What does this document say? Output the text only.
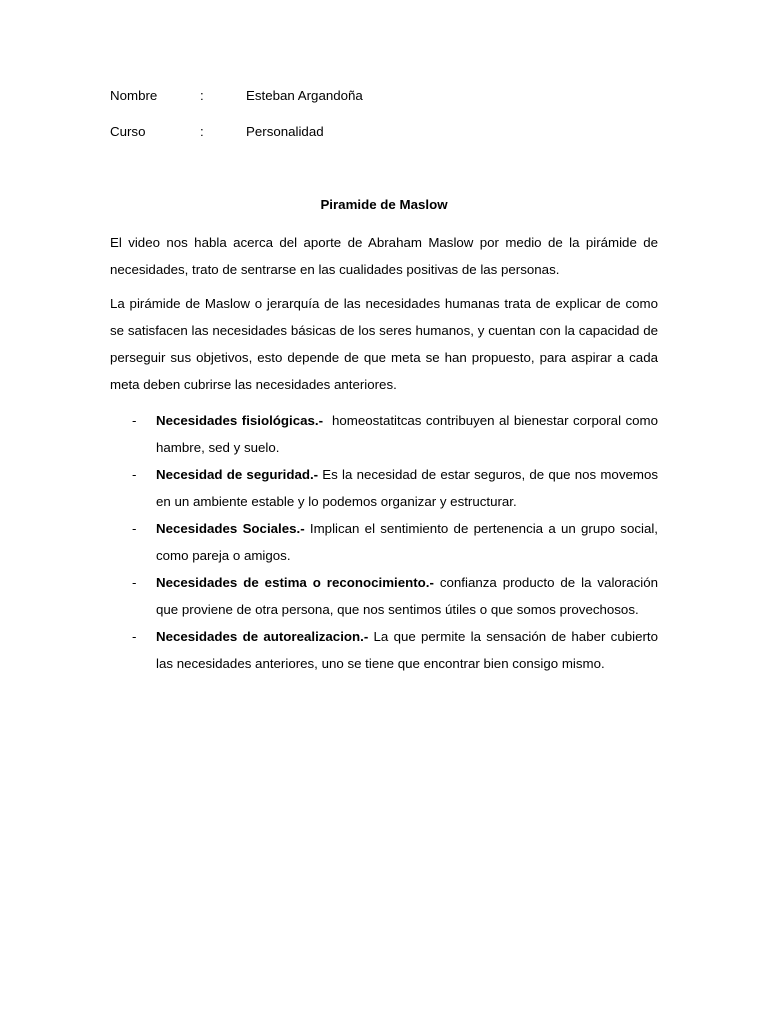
Nombre	:	Esteban Argandoña
Curso	:	Personalidad
Piramide de Maslow

El video nos habla acerca del aporte de Abraham Maslow por medio de la pirámide de necesidades, trato de sentrarse en las cualidades positivas de las personas.

La pirámide de Maslow o jerarquía de las necesidades humanas trata de explicar de como se satisfacen las necesidades básicas de los seres humanos, y cuentan con la capacidad de perseguir sus objetivos, esto depende de que meta se han propuesto, para aspirar a cada meta deben cubrirse las necesidades anteriores.

- Necesidades fisiológicas.-  homeostatitcas contribuyen al bienestar corporal como hambre, sed y suelo.
- Necesidad de seguridad.- Es la necesidad de estar seguros, de que nos movemos en un ambiente estable y lo podemos organizar y estructurar.
- Necesidades Sociales.- Implican el sentimiento de pertenencia a un grupo social, como pareja o amigos.
- Necesidades de estima o reconocimiento.- confianza producto de la valoración que proviene de otra persona, que nos sentimos útiles o que somos provechosos.
- Necesidades de autorealizacion.- La que permite la sensación de haber cubierto las necesidades anteriores, uno se tiene que encontrar bien consigo mismo.
